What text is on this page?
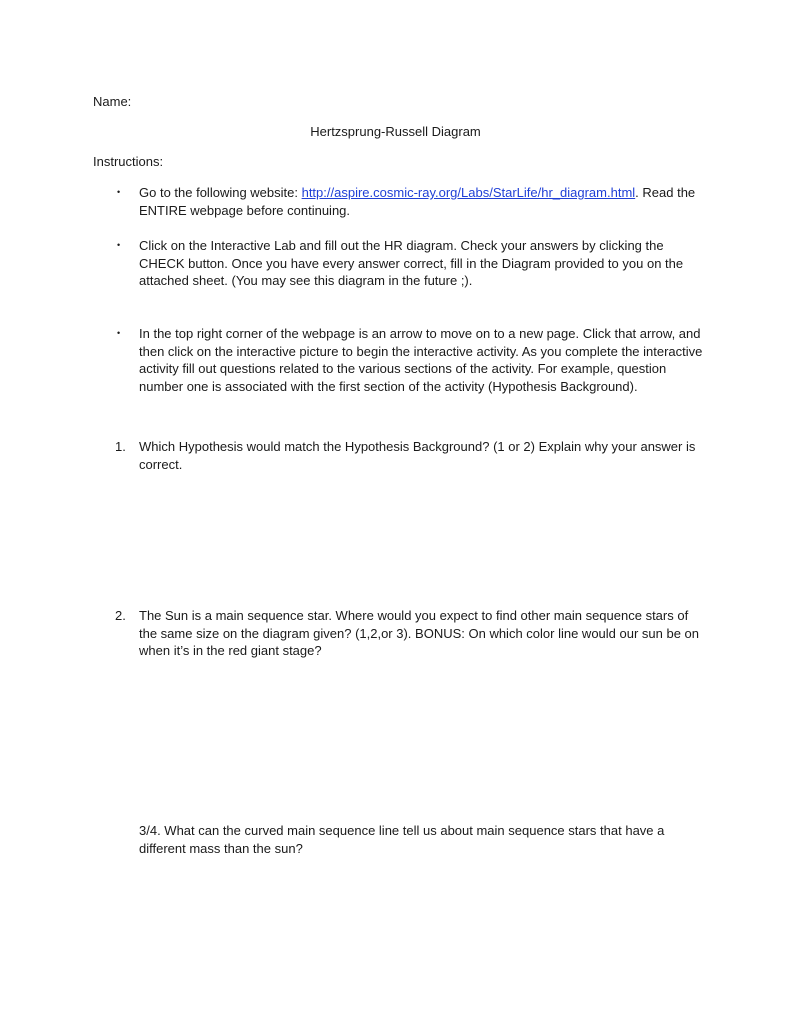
Name:
Hertzsprung-Russell Diagram
Instructions:
•	Go to the following website: http://aspire.cosmic-ray.org/Labs/StarLife/hr_diagram.html. Read the ENTIRE webpage before continuing.
•	Click on the Interactive Lab and fill out the HR diagram. Check your answers by clicking the CHECK button. Once you have every answer correct, fill in the Diagram provided to you on the attached sheet. (You may see this diagram in the future ;).
•	In the top right corner of the webpage is an arrow to move on to a new page. Click that arrow, and then click on the interactive picture to begin the interactive activity. As you complete the interactive activity fill out questions related to the various sections of the activity. For example, question number one is associated with the first section of the activity (Hypothesis Background).
1.	Which Hypothesis would match the Hypothesis Background? (1 or 2) Explain why your answer is correct.
2.	The Sun is a main sequence star. Where would you expect to find other main sequence stars of the same size on the diagram given? (1,2,or 3). BONUS: On which color line would our sun be on when it’s in the red giant stage?
3/4. What can the curved main sequence line tell us about main sequence stars that have a different mass than the sun?
